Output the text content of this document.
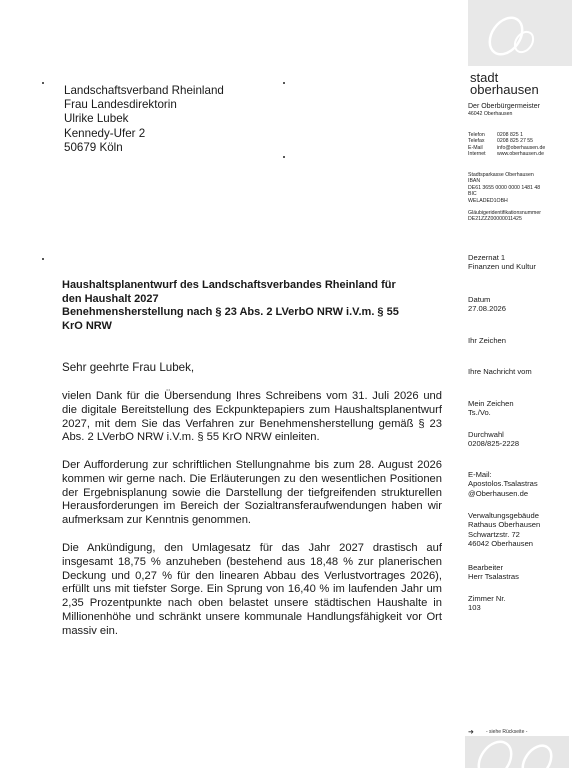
Landschaftsverband Rheinland
Frau Landesdirektorin
Ulrike Lubek
Kennedy-Ufer 2
50679 Köln
Haushaltsplanentwurf des Landschaftsverbandes Rheinland für
den Haushalt 2027
Benehmensherstellung nach § 23 Abs. 2 LVerbO NRW i.V.m. § 55
KrO NRW
Sehr geehrte Frau Lubek,
vielen Dank für die Übersendung Ihres Schreibens vom 31. Juli 2026 und die digitale Bereitstellung des Eckpunktepapiers zum Haushaltsplanentwurf 2027, mit dem Sie das Verfahren zur Benehmensherstellung gemäß § 23 Abs. 2 LVerbO NRW i.V.m. § 55 KrO NRW einleiten.
Der Aufforderung zur schriftlichen Stellungnahme bis zum 28. August 2026 kommen wir gerne nach. Die Erläuterungen zu den wesentlichen Positionen der Ergebnisplanung sowie die Darstellung der tiefgreifenden strukturellen Herausforderungen im Bereich der Sozialtransferaufwendungen haben wir aufmerksam zur Kenntnis genommen.
Die Ankündigung, den Umlagesatz für das Jahr 2027 drastisch auf insgesamt 18,75 % anzuheben (bestehend aus 18,48 % zur planerischen Deckung und 0,27 % für den linearen Abbau des Verlustvortrages 2026), erfüllt uns mit tiefster Sorge. Ein Sprung von 16,40 % im laufenden Jahr um 2,35 Prozentpunkte nach oben belastet unsere städtischen Haushalte in Millionenhöhe und schränkt unsere kommunale Handlungsfähigkeit vor Ort massiv ein.
stadt
oberhausen
Der Oberbürgermeister
46042 Oberhausen
Telefon	0208 825 1
Telefax	0208 825 27 55
E-Mail	info@oberhausen.de
Internet	www.oberhausen.de
Stadtsparkasse Oberhausen
IBAN
DE61 3655 0000 0000 1481 48
BIC
WELADED1OBH
Gläubigeridentifikationsnummer
DE21ZZZ00000011425
Dezernat 1
Finanzen und Kultur
Datum
27.08.2026
Ihr Zeichen
Ihre Nachricht vom
Mein Zeichen
Ts./Vo.
Durchwahl
0208/825-2228
E-Mail:
Apostolos.Tsalastras
@Oberhausen.de
Verwaltungsgebäude
Rathaus Oberhausen
Schwartzstr. 72
46042 Oberhausen
Bearbeiter
Herr Tsalastras
Zimmer Nr.
103
➜ - siehe Rückseite -
